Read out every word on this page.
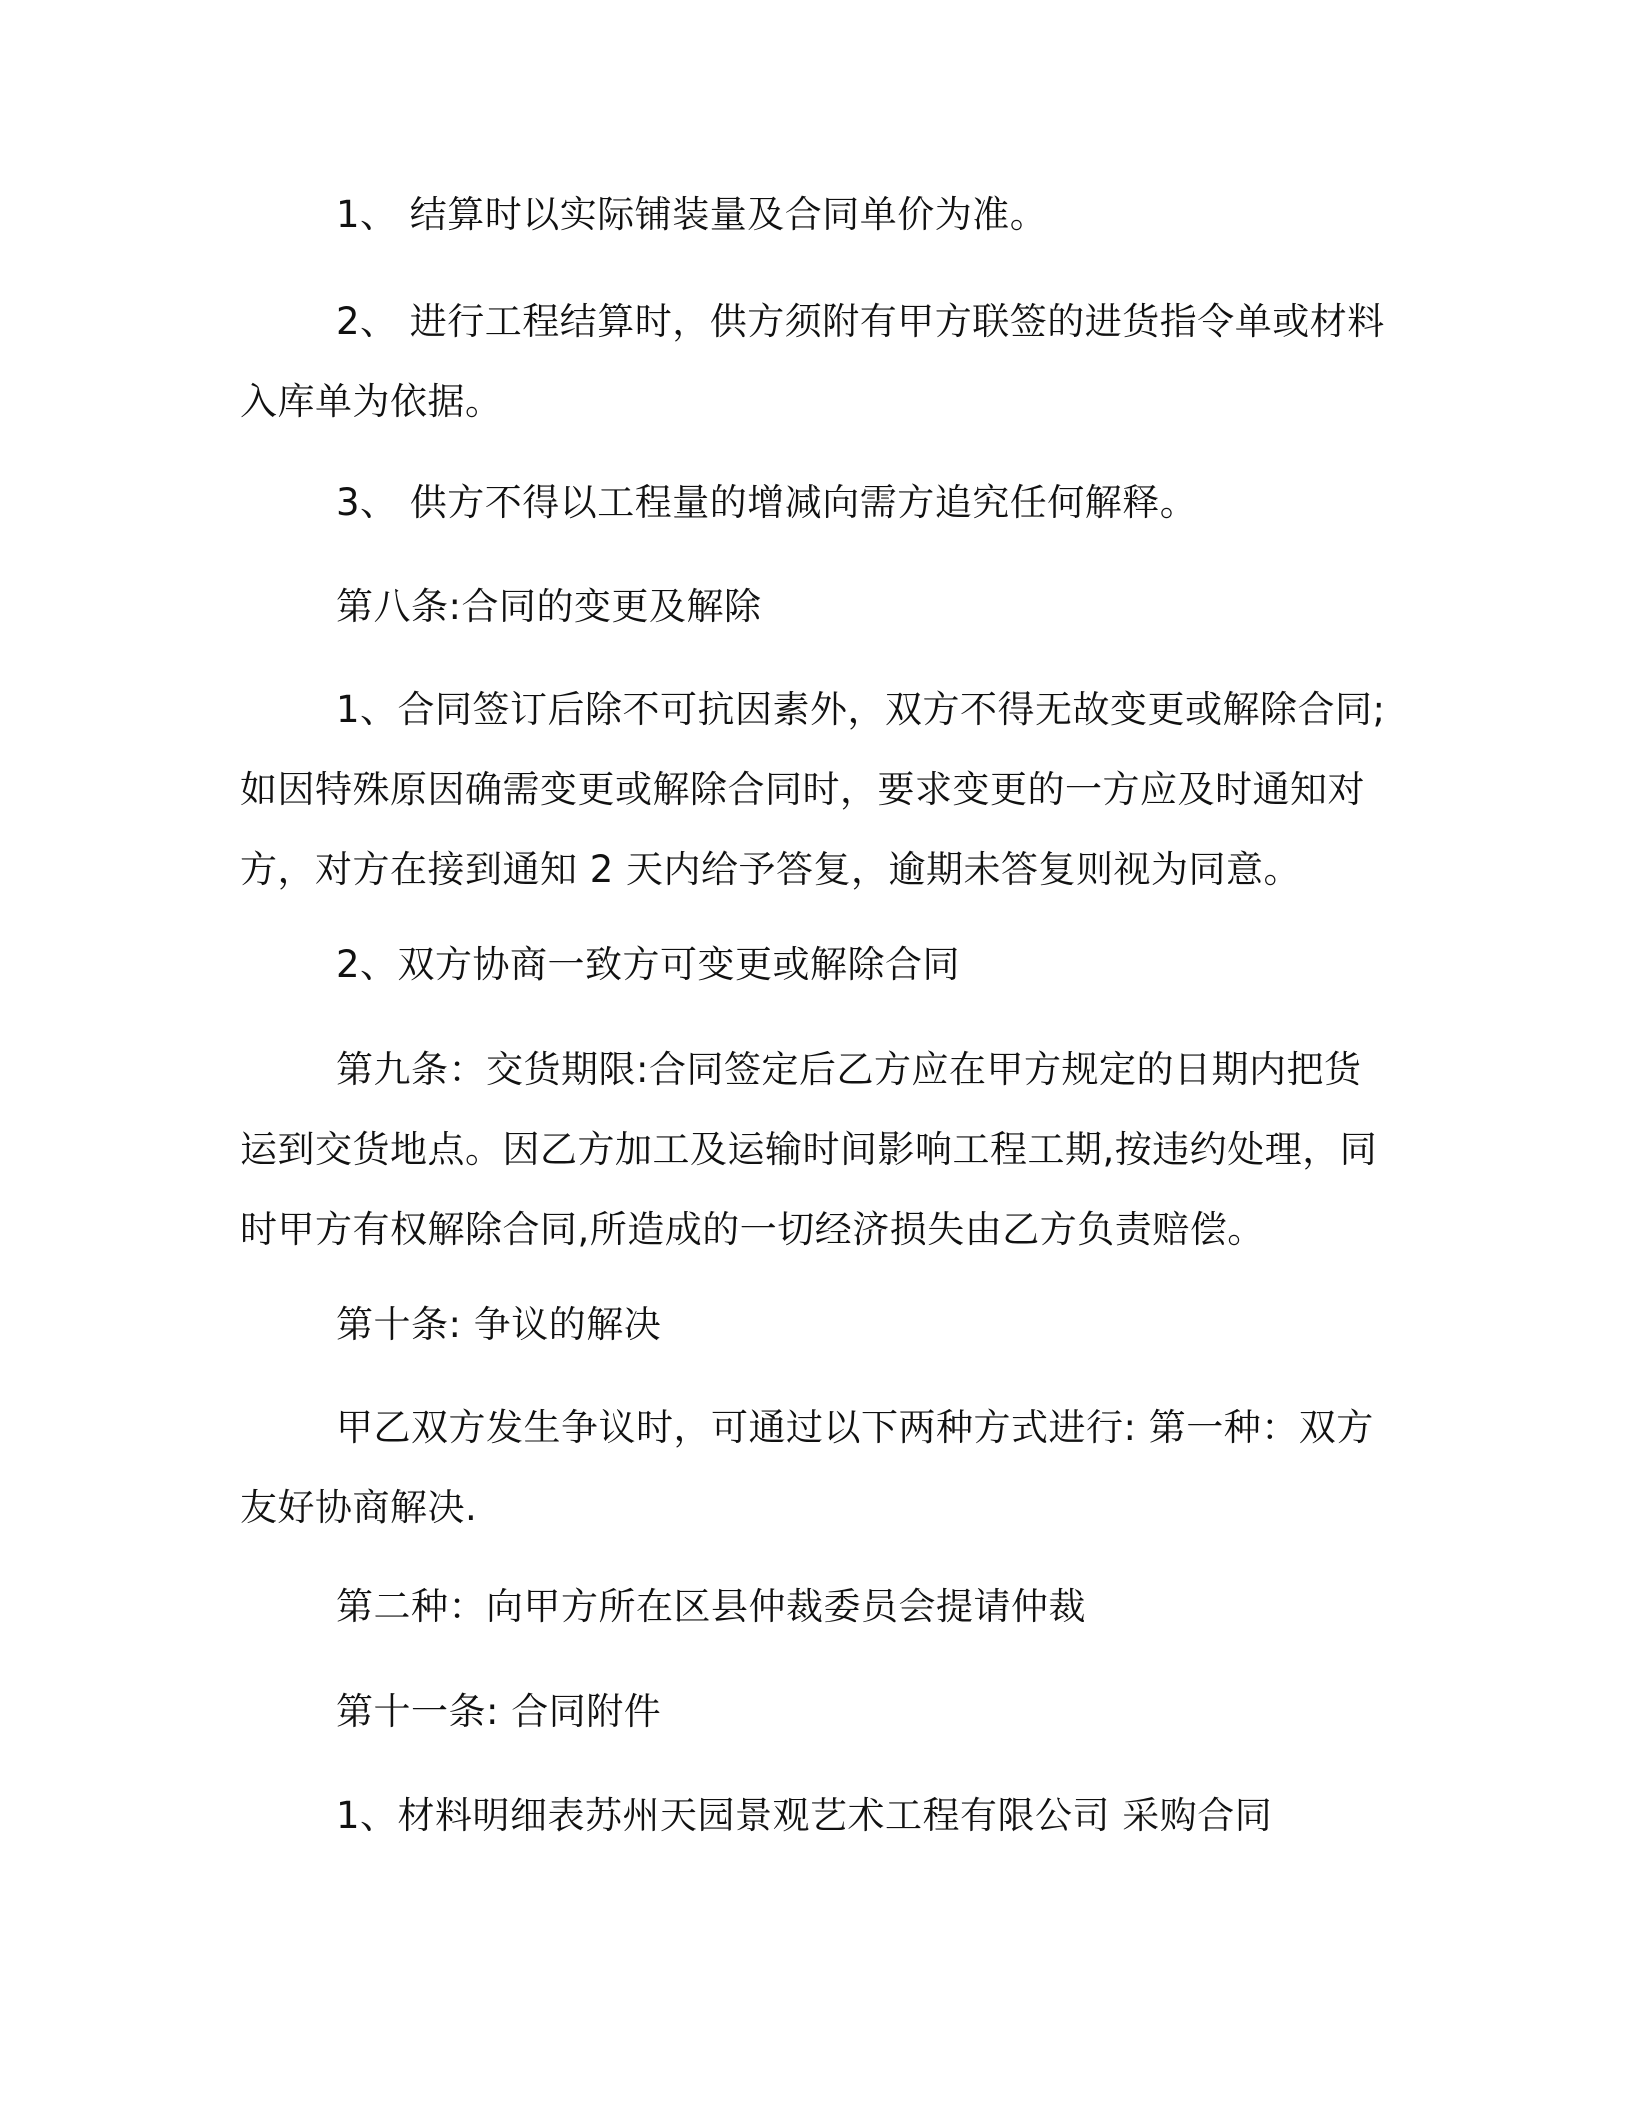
1、 结算时以实际铺装量及合同单价为准。
2、 进行工程结算时，供方须附有甲方联签的进货指令单或材料
入库单为依据。
3、 供方不得以工程量的增减向需方追究任何解释。
第八条:合同的变更及解除
1、合同签订后除不可抗因素外，双方不得无故变更或解除合同;
如因特殊原因确需变更或解除合同时，要求变更的一方应及时通知对
方，对方在接到通知 2 天内给予答复，逾期未答复则视为同意。
2、双方协商一致方可变更或解除合同
第九条：交货期限:合同签定后乙方应在甲方规定的日期内把货
运到交货地点。因乙方加工及运输时间影响工程工期,按违约处理，同
时甲方有权解除合同,所造成的一切经济损失由乙方负责赔偿。
第十条: 争议的解决
甲乙双方发生争议时，可通过以下两种方式进行: 第一种：双方
友好协商解决.
第二种：向甲方所在区县仲裁委员会提请仲裁
第十一条: 合同附件
1、材料明细表苏州天园景观艺术工程有限公司 采购合同
